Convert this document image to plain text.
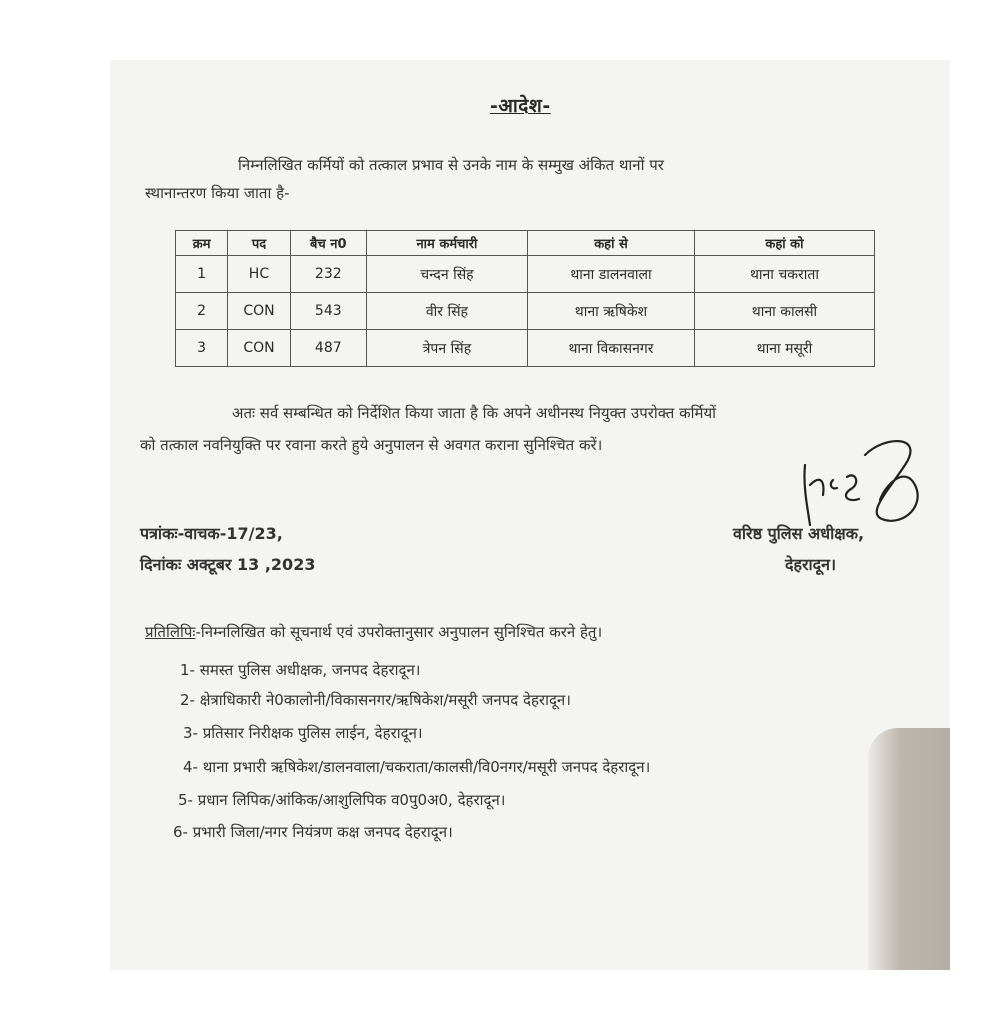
-आदेश-
निम्नलिखित कर्मियों को तत्काल प्रभाव से उनके नाम के सम्मुख अंकित थानों पर
स्थानान्तरण किया जाता है-
क्रम	पद	बैच न0	नाम कर्मचारी	कहां से	कहां को
1	HC	232	चन्दन सिंह	थाना डालनवाला	थाना चकराता
2	CON	543	वीर सिंह	थाना ऋषिकेश	थाना कालसी
3	CON	487	त्रेपन सिंह	थाना विकासनगर	थाना मसूरी
अतः सर्व सम्बन्धित को निर्देशित किया जाता है कि अपने अधीनस्थ नियुक्त उपरोक्त कर्मियों
को तत्काल नवनियुक्ति पर रवाना करते हुये अनुपालन से अवगत कराना सुनिश्चित करें।
पत्रांकः-वाचक-17/23,
दिनांकः अक्टूबर 13 ,2023
वरिष्ठ पुलिस अधीक्षक,
देहरादून।
प्रतिलिपिः-निम्नलिखित को सूचनार्थ एवं उपरोक्तानुसार अनुपालन सुनिश्चित करने हेतु।
1- समस्त पुलिस अधीक्षक, जनपद देहरादून।
2- क्षेत्राधिकारी ने0कालोनी/विकासनगर/ऋषिकेश/मसूरी जनपद देहरादून।
3- प्रतिसार निरीक्षक पुलिस लाईन, देहरादून।
4- थाना प्रभारी ऋषिकेश/डालनवाला/चकराता/कालसी/वि0नगर/मसूरी जनपद देहरादून।
5- प्रधान लिपिक/आंकिक/आशुलिपिक व0पु0अ0, देहरादून।
6- प्रभारी जिला/नगर नियंत्रण कक्ष जनपद देहरादून।
